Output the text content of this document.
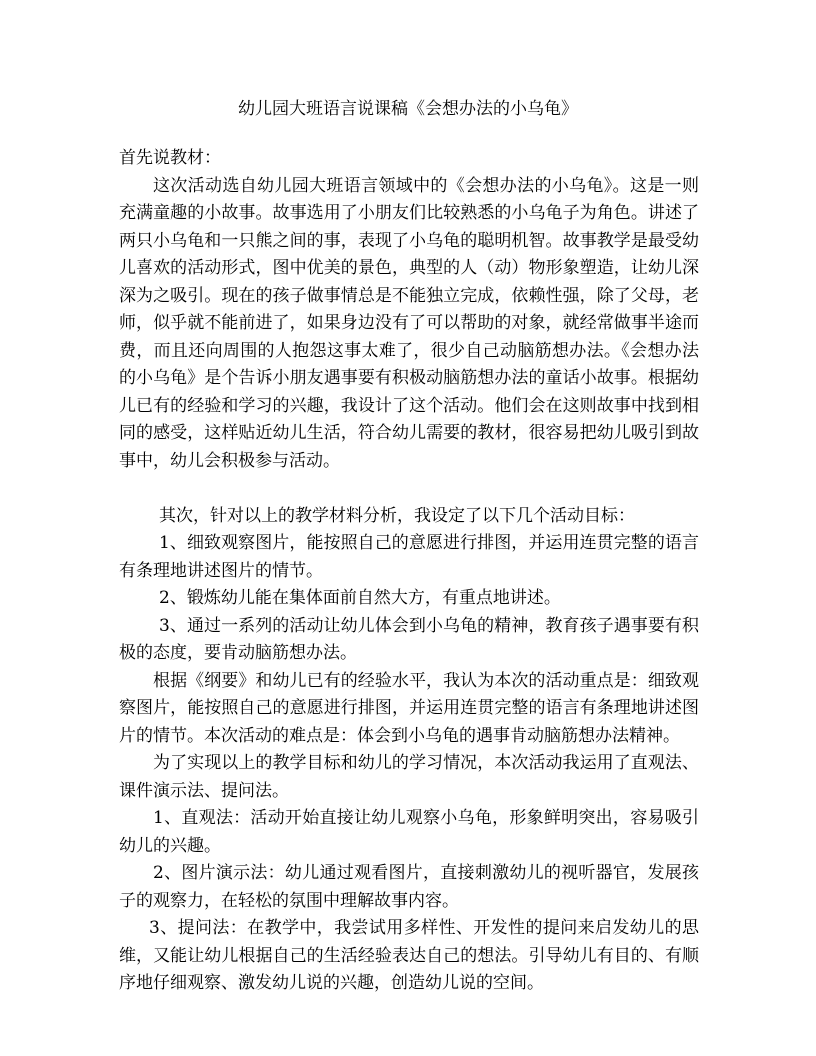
幼儿园大班语言说课稿《会想办法的小乌龟》

首先说教材：

这次活动选自幼儿园大班语言领域中的《会想办法的小乌龟》。这是一则充满童趣的小故事。故事选用了小朋友们比较熟悉的小乌龟子为角色。讲述了两只小乌龟和一只熊之间的事，表现了小乌龟的聪明机智。故事教学是最受幼儿喜欢的活动形式，图中优美的景色，典型的人（动）物形象塑造，让幼儿深深为之吸引。现在的孩子做事情总是不能独立完成，依赖性强，除了父母，老师，似乎就不能前进了，如果身边没有了可以帮助的对象，就经常做事半途而费，而且还向周围的人抱怨这事太难了，很少自己动脑筋想办法。《会想办法的小乌龟》是个告诉小朋友遇事要有积极动脑筋想办法的童话小故事。根据幼儿已有的经验和学习的兴趣，我设计了这个活动。他们会在这则故事中找到相同的感受，这样贴近幼儿生活，符合幼儿需要的教材，很容易把幼儿吸引到故事中，幼儿会积极参与活动。

其次，针对以上的教学材料分析，我设定了以下几个活动目标：

1、细致观察图片，能按照自己的意愿进行排图，并运用连贯完整的语言有条理地讲述图片的情节。

2、锻炼幼儿能在集体面前自然大方，有重点地讲述。

3、通过一系列的活动让幼儿体会到小乌龟的精神，教育孩子遇事要有积极的态度，要肯动脑筋想办法。

根据《纲要》和幼儿已有的经验水平，我认为本次的活动重点是：细致观察图片，能按照自己的意愿进行排图，并运用连贯完整的语言有条理地讲述图片的情节。本次活动的难点是：体会到小乌龟的遇事肯动脑筋想办法精神。

为了实现以上的教学目标和幼儿的学习情况，本次活动我运用了直观法、课件演示法、提问法。

1、直观法：活动开始直接让幼儿观察小乌龟，形象鲜明突出，容易吸引幼儿的兴趣。

2、图片演示法：幼儿通过观看图片，直接刺激幼儿的视听器官，发展孩子的观察力，在轻松的氛围中理解故事内容。

3、提问法：在教学中，我尝试用多样性、开发性的提问来启发幼儿的思维，又能让幼儿根据自己的生活经验表达自己的想法。引导幼儿有目的、有顺序地仔细观察、激发幼儿说的兴趣，创造幼儿说的空间。
